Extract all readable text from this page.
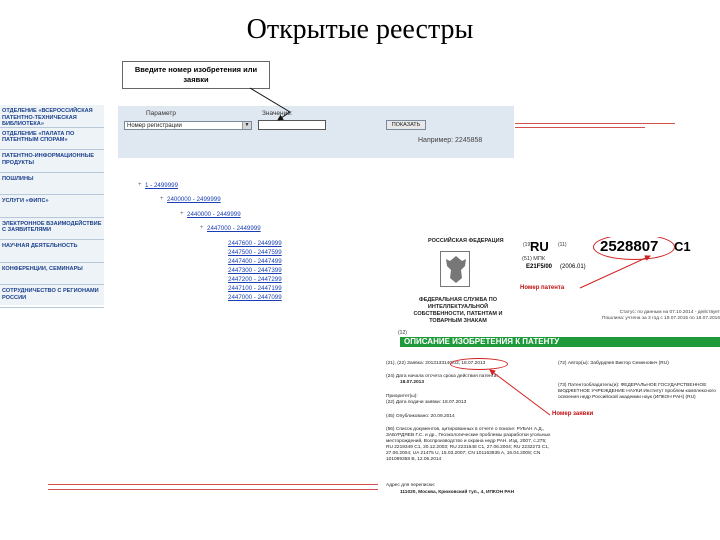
Открытые реестры
Введите номер изобретения или заявки
ОТДЕЛЕНИЕ «ВСЕРОССИЙСКАЯ ПАТЕНТНО-ТЕХНИЧЕСКАЯ БИБЛИОТЕКА»
ОТДЕЛЕНИЕ «ПАЛАТА ПО ПАТЕНТНЫМ СПОРАМ»
ПАТЕНТНО-ИНФОРМАЦИОННЫЕ ПРОДУКТЫ
ПОШЛИНЫ
УСЛУГИ «ФИПС»
ЭЛЕКТРОННОЕ ВЗАИМОДЕЙСТВИЕ С ЗАЯВИТЕЛЯМИ
НАУЧНАЯ ДЕЯТЕЛЬНОСТЬ
КОНФЕРЕНЦИИ, СЕМИНАРЫ
СОТРУДНИЧЕСТВО С РЕГИОНАМИ РОССИИ
Параметр	Значение:
Номер регистрации	▼	ПОКАЗАТЬ
Например: 2245858
+ 1 - 2499999
+ 2400000 - 2499999
+ 2440000 - 2449999
+ 2447000 - 2449999
2447600 - 2449999
2447500 - 2447599
2447400 - 2447499
2447300 - 2447399
2447200 - 2447299
2447100 - 2447199
2447000 - 2447099
РОССИЙСКАЯ ФЕДЕРАЦИЯ
ФЕДЕРАЛЬНАЯ СЛУЖБА ПО ИНТЕЛЛЕКТУАЛЬНОЙ СОБСТВЕННОСТИ, ПАТЕНТАМ И ТОВАРНЫМ ЗНАКАМ
(19)
RU (11) 2528807 C1
(51) МПК
E21F5/00 (2006.01)
Номер патента
Статус: по данным на 07.10.2014 - действует
Пошлина: учтена за 3 год с 19.07.2015 по 18.07.2016
(12)
ОПИСАНИЕ ИЗОБРЕТЕНИЯ К ПАТЕНТУ
(21), (22) Заявка: 2013133140/03, 18.07.2013
(24) Дата начала отсчета срока действия патента:
18.07.2013
Приоритет(ы):
(22) Дата подачи заявки: 18.07.2013
(45) Опубликовано: 20.09.2014
(56) Список документов, цитированных в отчете о поиске: РУБАН А.Д., ЗАБУРДЯЕВ Г.С. и др., Геоэкологические проблемы разработки угольных месторождений, Воспроизводство и охрана недр РАН. Изд. 2007, с.275; RU 2219349 C1, 20.12.2003; RU 2231648 C1, 27.06.2004; RU 2232273 C1, 27.06.2004; UA 21475 U, 15.03.2007; CN 101163935 A, 16.04.2008; CN 101089358 B, 12.06.2014
Адрес для переписки:
111020, Москва, Крюковский туп., 4, ИПКОН РАН
(72) Автор(ы): Забурдяев Виктор Семенович (RU)
(73) Патентообладатель(и): ФЕДЕРАЛЬНОЕ ГОСУДАРСТВЕННОЕ БЮДЖЕТНОЕ УЧРЕЖДЕНИЕ НАУКИ Институт проблем комплексного освоения недр Российской академии наук (ИПКОН РАН) (RU)
Номер заявки
